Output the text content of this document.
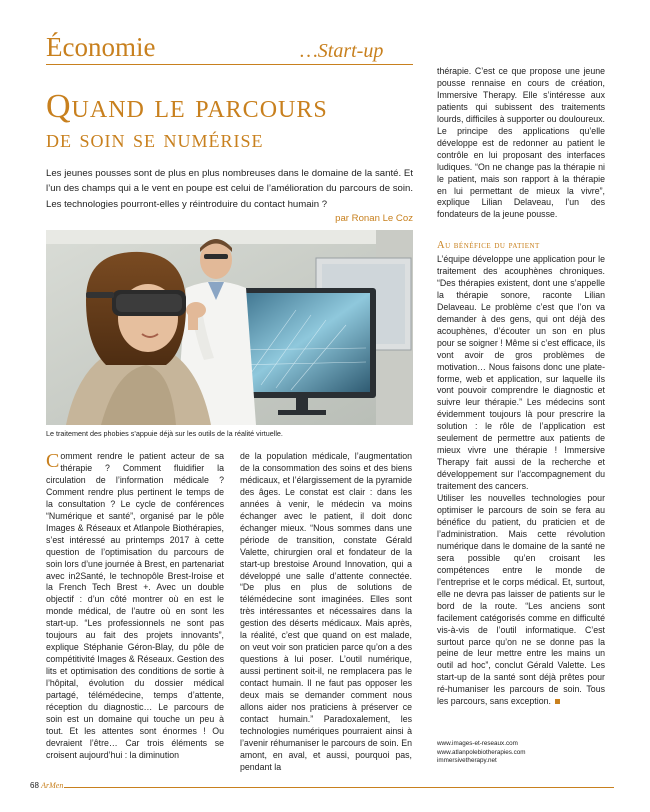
Économie	…Start-up
Quand le parcours
de soin se numérise
Les jeunes pousses sont de plus en plus nombreuses dans le domaine de la santé. Et l’un des champs qui a le vent en poupe est celui de l’amélioration du parcours de soin. Les technologies pourront-elles y réintroduire du contact humain ?
par Ronan Le Coz
Le traitement des phobies s’appuie déjà sur les outils de la réalité virtuelle.

Comment rendre le patient acteur de sa thérapie ? Comment fluidifier la circulation de l’information médicale ? Comment rendre plus pertinent le temps de la consultation ? Le cycle de conférences “Numérique et santé”, organisé par le pôle Images & Réseaux et Atlanpole Biothérapies, s’est intéressé au printemps 2017 à cette question de l’optimisation du parcours de soin lors d’une journée à Brest, en partenariat avec in2Santé, le technopôle Brest-Iroise et la French Tech Brest +. Avec un double objectif : d’un côté montrer où en est le monde médical, de l’autre où en sont les start-up. “Les professionnels ne sont pas toujours au fait des projets innovants”, explique Stéphanie Géron-Blay, du pôle de compétitivité Images & Réseaux. Gestion des lits et optimisation des conditions de sortie à l’hôpital, évolution du dossier médical partagé, télémédecine, temps d’attente, réception du diagnostic… Le parcours de soin est un domaine qui touche un peu à tout. Et les attentes sont énormes ! Ou devraient l’être… Car trois éléments se croisent aujourd’hui : la diminution

de la population médicale, l’augmentation de la consommation des soins et des biens médicaux, et l’élargissement de la pyramide des âges. Le constat est clair : dans les années à venir, le médecin va moins échanger avec le patient, il doit donc échanger mieux. “Nous sommes dans une période de transition, constate Gérald Valette, chirurgien oral et fondateur de la start-up brestoise Around Innovation, qui a développé une salle d’attente connectée. “De plus en plus de solutions de télémédecine sont imaginées. Elles sont très intéressantes et nécessaires dans la gestion des déserts médicaux. Mais après, la réalité, c’est que quand on est malade, on veut voir son praticien parce qu’on a des questions à lui poser. L’outil numérique, aussi pertinent soit-il, ne remplacera pas le contact humain. Il ne faut pas opposer les deux mais se demander comment nous allons aider nos praticiens à préserver ce contact humain.” Paradoxalement, les technologies numériques pourraient ainsi à l’avenir réhumaniser le parcours de soin. En amont, en aval, et aussi, pourquoi pas, pendant la

thérapie. C’est ce que propose une jeune pousse rennaise en cours de création, Immersive Therapy. Elle s’intéresse aux patients qui subissent des traitements lourds, difficiles à supporter ou douloureux. Le principe des applications qu’elle développe est de redonner au patient le contrôle en lui proposant des interfaces ludiques. “On ne change pas la thérapie ni le patient, mais son rapport à la thérapie en lui permettant de mieux la vivre”, explique Lilian Delaveau, l’un des fondateurs de la jeune pousse.

Au bénéfice du patient

L’équipe développe une application pour le traitement des acouphènes chroniques. “Des thérapies existent, dont une s’appelle la thérapie sonore, raconte Lilian Delaveau. Le problème c’est que l’on va demander à des gens, qui ont déjà des acouphènes, d’écouter un son en plus pour se soigner ! Même si c’est efficace, ils vont avoir de gros problèmes de motivation… Nous faisons donc une plate-forme, web et application, sur laquelle ils vont pouvoir comprendre le diagnostic et suivre leur thérapie.” Les médecins sont évidemment toujours là pour prescrire la solution : le rôle de l’application est seulement de permettre aux patients de mieux vivre une thérapie ! Immersive Therapy fait aussi de la recherche et développement sur l’accompagnement du traitement des cancers.

Utiliser les nouvelles technologies pour optimiser le parcours de soin se fera au bénéfice du patient, du praticien et de l’administration. Mais cette révolution numérique dans le domaine de la santé ne sera possible qu’en croisant les compétences entre le monde de l’entreprise et le corps médical. Et, surtout, elle ne devra pas laisser de patients sur le bord de la route. “Les anciens sont facilement catégorisés comme en difficulté vis-à-vis de l’outil informatique. C’est surtout parce qu’on ne se donne pas la peine de leur mettre entre les mains un outil ad hoc”, conclut Gérald Valette. Les start-up de la santé sont déjà prêtes pour ré-humaniser les parcours de soin. Tous les parcours, sans exception.

www.images-et-reseaux.com
www.atlanpolebiotherapies.com
immersivetherapy.net
68 ArMen
